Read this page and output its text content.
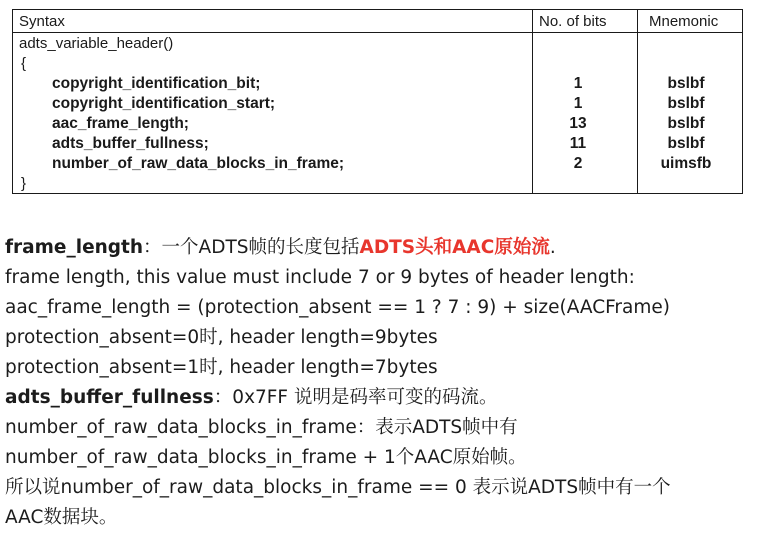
Syntax	No. of bits	Mnemonic
adts_variable_header()
{
copyright_identification_bit;	1	bslbf
copyright_identification_start;	1	bslbf
aac_frame_length;	13	bslbf
adts_buffer_fullness;	11	bslbf
number_of_raw_data_blocks_in_frame;	2	uimsfb
}
frame_length：一个ADTS帧的长度包括ADTS头和AAC原始流.
frame length, this value must include 7 or 9 bytes of header length:
aac_frame_length = (protection_absent == 1 ? 7 : 9) + size(AACFrame)
protection_absent=0时, header length=9bytes
protection_absent=1时, header length=7bytes
adts_buffer_fullness：0x7FF 说明是码率可变的码流。
number_of_raw_data_blocks_in_frame：表示ADTS帧中有
number_of_raw_data_blocks_in_frame + 1个AAC原始帧。
所以说number_of_raw_data_blocks_in_frame == 0 表示说ADTS帧中有一个
AAC数据块。
